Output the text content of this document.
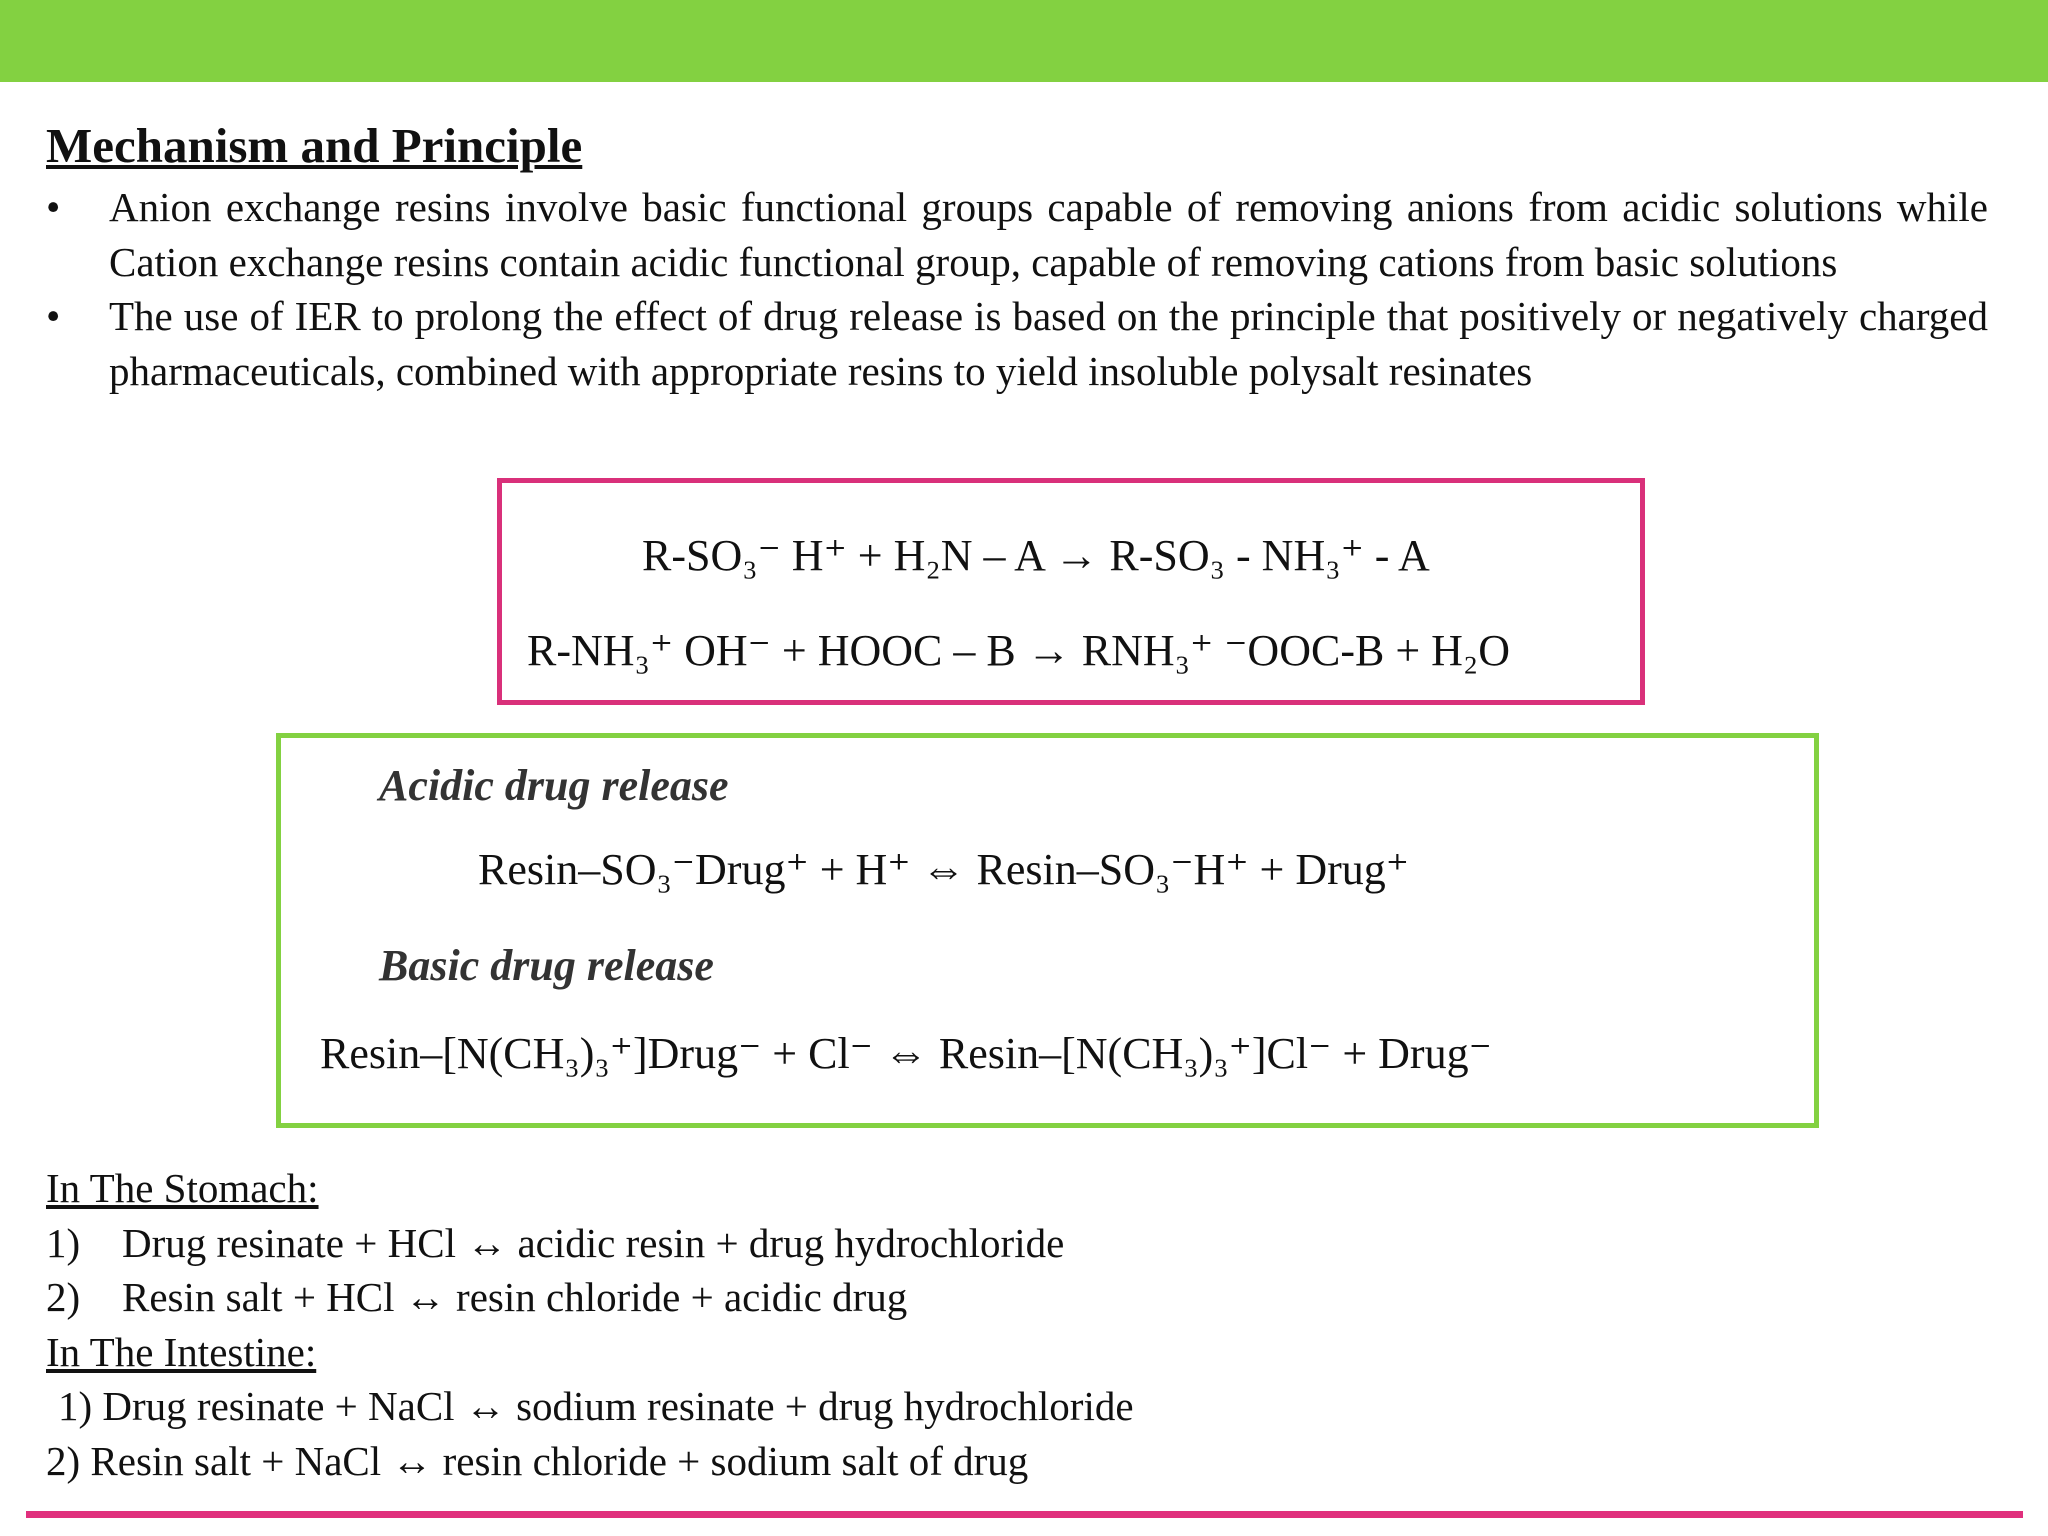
Mechanism and Principle
• Anion exchange resins involve basic functional groups capable of removing anions from acidic solutions while Cation exchange resins contain acidic functional group, capable of removing cations from basic solutions
• The use of IER to prolong the effect of drug release is based on the principle that positively or negatively charged pharmaceuticals, combined with appropriate resins to yield insoluble polysalt resinates
R-SO₃⁻ H⁺ + H₂N – A → R-SO₃ - NH₃⁺ - A
R-NH₃⁺ OH⁻ + HOOC – B → RNH₃⁺ ⁻OOC-B + H₂O
Acidic drug release
Resin–SO₃⁻Drug⁺ + H⁺ ⇔ Resin–SO₃⁻H⁺ + Drug⁺
Basic drug release
Resin–[N(CH₃)₃⁺]Drug⁻ + Cl⁻ ⇔ Resin–[N(CH₃)₃⁺]Cl⁻ + Drug⁻
In The Stomach:
1) Drug resinate + HCl ↔ acidic resin + drug hydrochloride
2) Resin salt + HCl ↔ resin chloride + acidic drug
In The Intestine:
1) Drug resinate + NaCl ↔ sodium resinate + drug hydrochloride
2) Resin salt + NaCl ↔ resin chloride + sodium salt of drug
